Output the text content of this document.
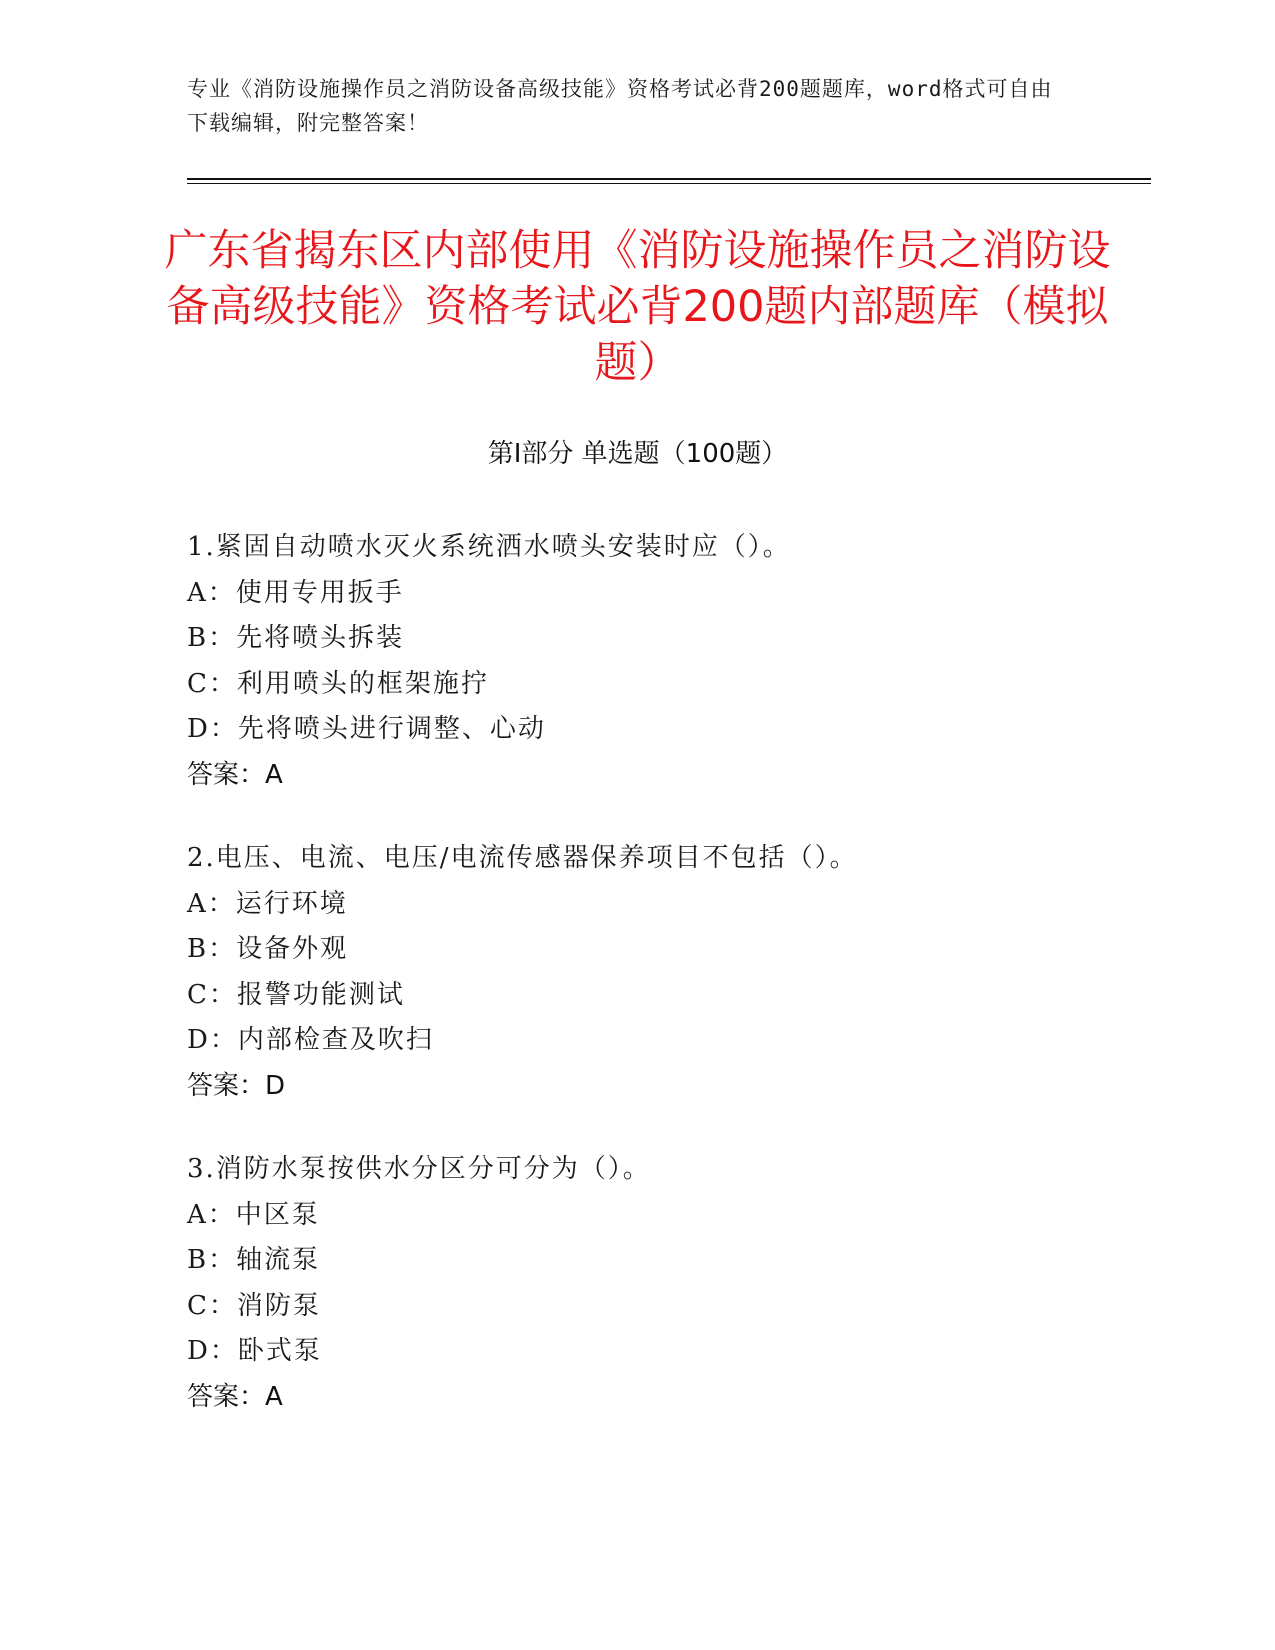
专业《消防设施操作员之消防设备高级技能》资格考试必背200题题库，word格式可自由下载编辑，附完整答案！
广东省揭东区内部使用《消防设施操作员之消防设备高级技能》资格考试必背200题内部题库（模拟题）
第Ⅰ部分 单选题（100题）
1.紧固自动喷水灭火系统洒水喷头安装时应（）。
A：使用专用扳手
B：先将喷头拆装
C：利用喷头的框架施拧
D：先将喷头进行调整、心动
答案：A
2.电压、电流、电压/电流传感器保养项目不包括（）。
A：运行环境
B：设备外观
C：报警功能测试
D：内部检查及吹扫
答案：D
3.消防水泵按供水分区分可分为（）。
A：中区泵
B：轴流泵
C：消防泵
D：卧式泵
答案：A
